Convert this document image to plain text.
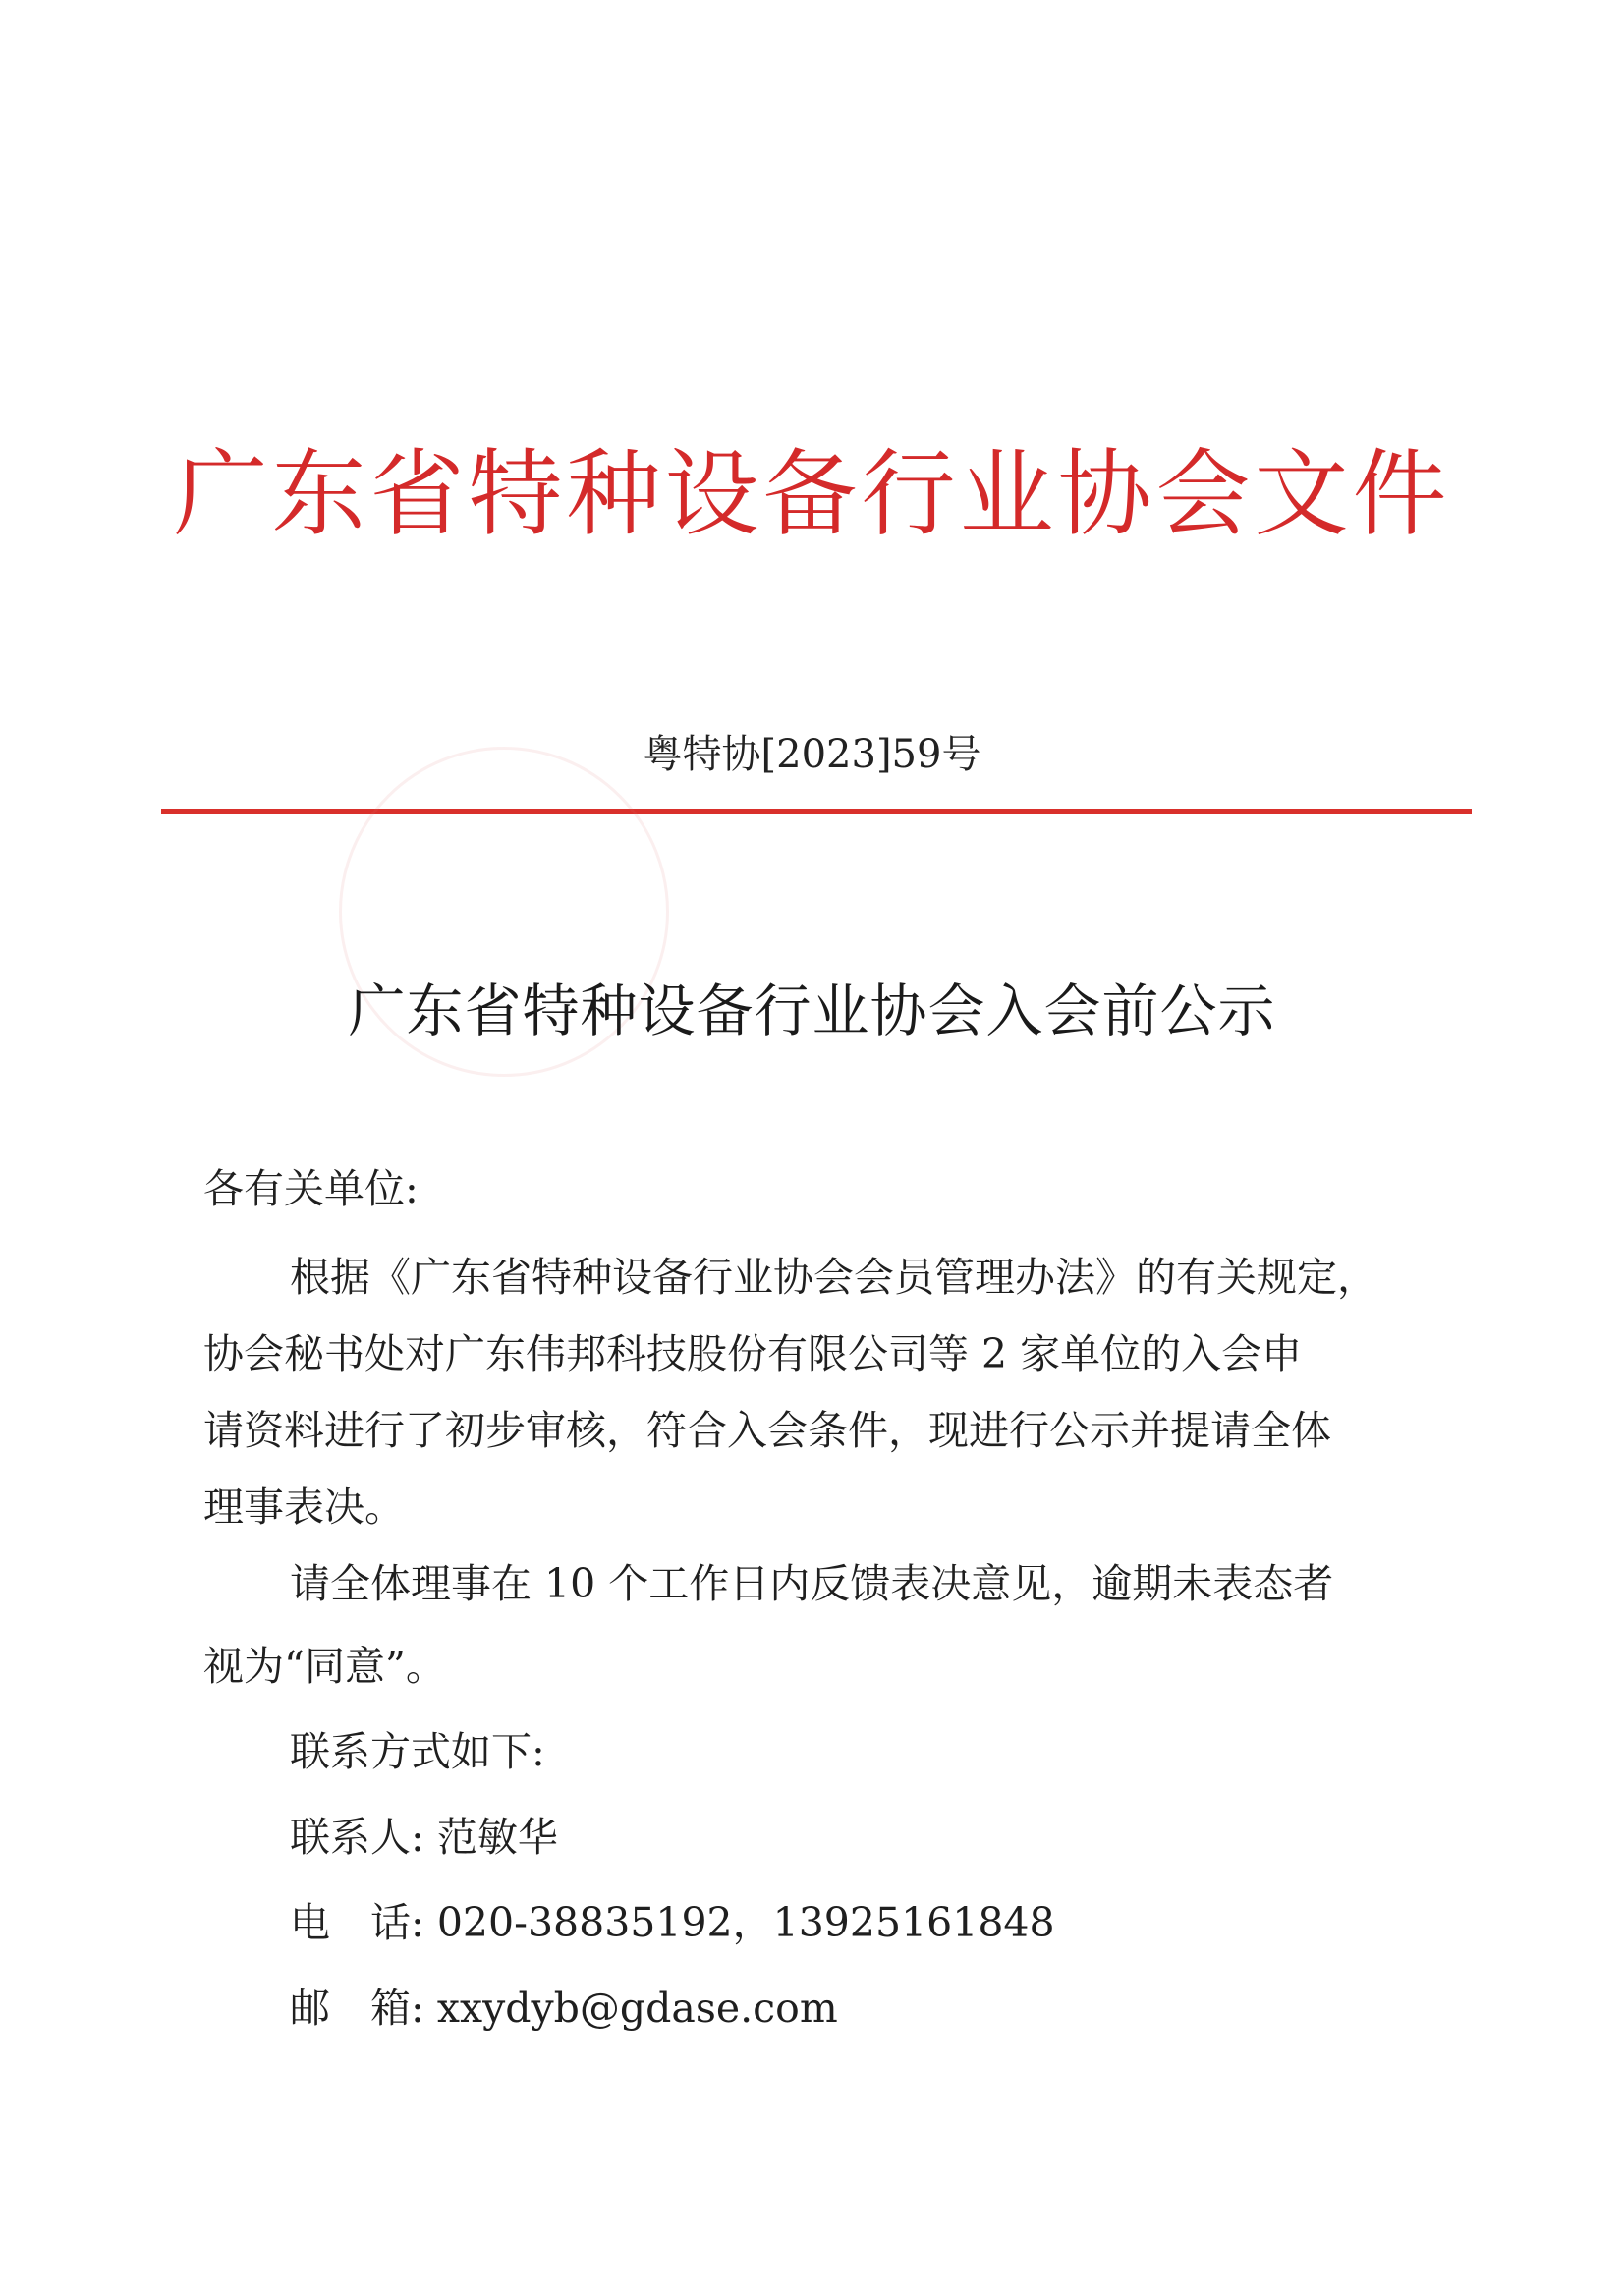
广东省特种设备行业协会文件
粤特协[2023]59号
广东省特种设备行业协会入会前公示
各有关单位:
根据《广东省特种设备行业协会会员管理办法》的有关规定，
协会秘书处对广东伟邦科技股份有限公司等 2 家单位的入会申
请资料进行了初步审核，符合入会条件，现进行公示并提请全体
理事表决。
请全体理事在 10 个工作日内反馈表决意见，逾期未表态者
视为“同意”。
联系方式如下:
联系人: 范敏华
电　话: 020-38835192，13925161848
邮　箱: xxydyb@gdase.com
